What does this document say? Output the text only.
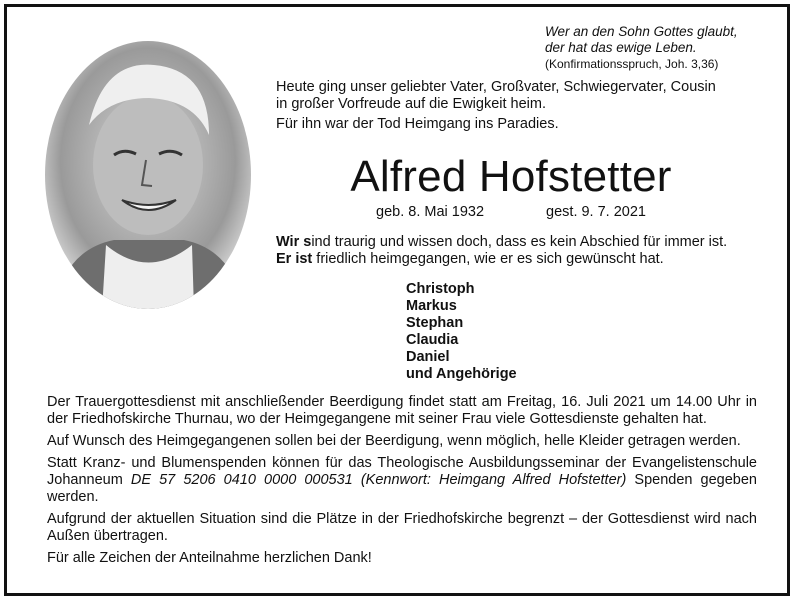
Wer an den Sohn Gottes glaubt,
der hat das ewige Leben.
(Konfirmationsspruch, Joh. 3,36)

Heute ging unser geliebter Vater, Großvater, Schwiegervater, Cousin
in großer Vorfreude auf die Ewigkeit heim.

Für ihn war der Tod Heimgang ins Paradies.

Alfred Hofstetter
geb. 8. Mai 1932	gest. 9. 7. 2021

Wir sind traurig und wissen doch, dass es kein Abschied für immer ist.

Er ist friedlich heimgegangen, wie er es sich gewünscht hat.

Christoph
Markus
Stephan
Claudia
Daniel
und Angehörige

Der Trauergottesdienst mit anschließender Beerdigung findet statt am Freitag, 16. Juli 2021 um 14.00 Uhr in der Friedhofskirche Thurnau, wo der Heimgegangene mit seiner Frau viele Gottesdienste gehalten hat.

Auf Wunsch des Heimgegangenen sollen bei der Beerdigung, wenn möglich, helle Kleider getragen werden.

Statt Kranz- und Blumenspenden können für das Theologische Ausbildungsseminar der Evangelistenschule Johanneum DE 57 5206 0410 0000 000531 (Kennwort: Heimgang Alfred Hofstetter) Spenden gegeben werden.

Aufgrund der aktuellen Situation sind die Plätze in der Friedhofskirche begrenzt – der Gottesdienst wird nach Außen übertragen.

Für alle Zeichen der Anteilnahme herzlichen Dank!
